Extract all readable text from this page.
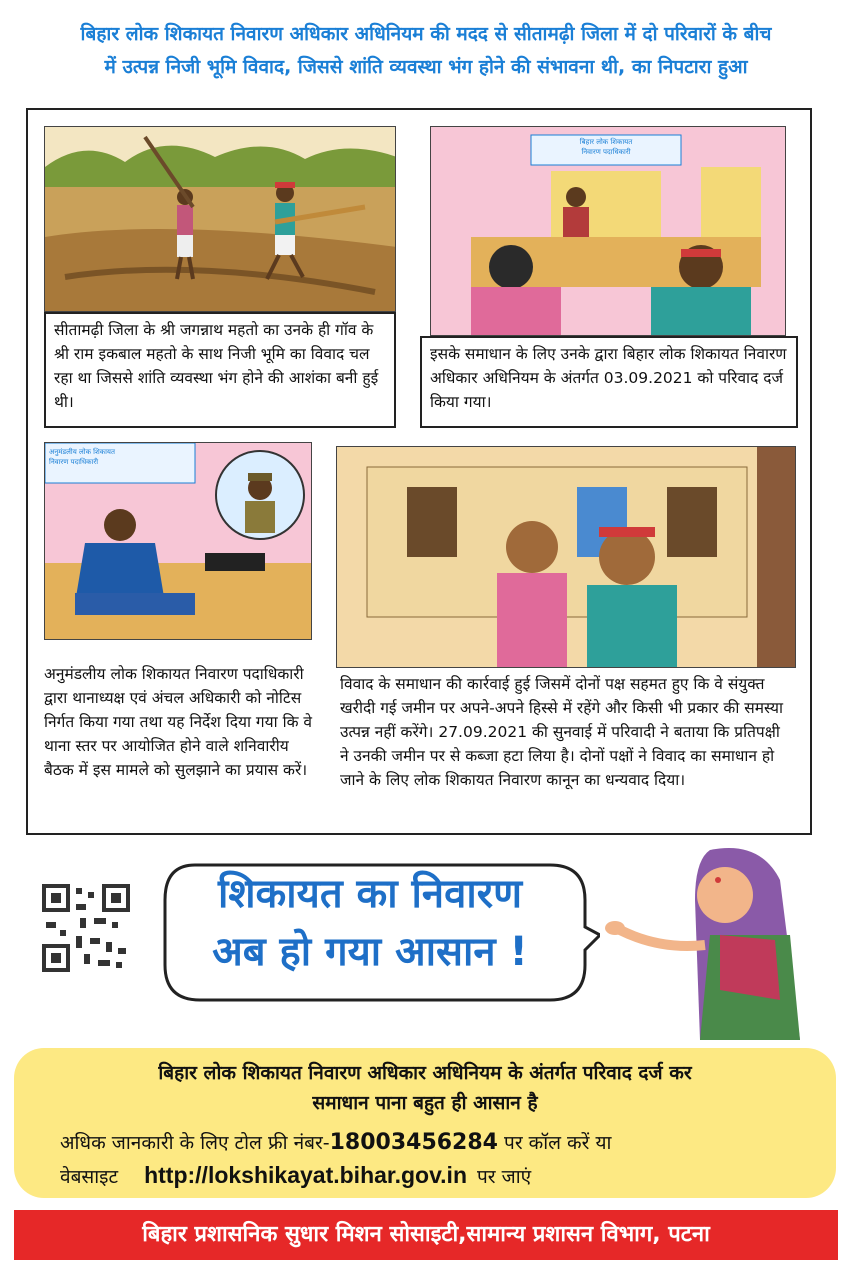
बिहार लोक शिकायत निवारण अधिकार अधिनियम की मदद से सीतामढ़ी जिला में दो परिवारों के बीच
में उत्पन्न निजी भूमि विवाद, जिससे शांति व्यवस्था भंग होने की संभावना थी, का निपटारा हुआ
सीतामढ़ी जिला के श्री जगन्नाथ महतो का उनके ही गॉव के श्री राम इकबाल महतो के साथ निजी भूमि का विवाद चल रहा था जिससे शांति व्यवस्था भंग होने की आशंका बनी हुई थी।
बिहार लोक शिकायत
निवारण पदाधिकारी
इसके समाधान के लिए उनके द्वारा बिहार लोक शिकायत निवारण अधिकार अधिनियम के अंतर्गत 03.09.2021 को परिवाद दर्ज किया गया।
अनुमंडलीय लोक शिकायत
निवारण पदाधिकारी
अनुमंडलीय लोक शिकायत निवारण पदाधिकारी द्वारा थानाध्यक्ष एवं अंचल अधिकारी को नोटिस निर्गत किया गया तथा यह निर्देश दिया गया कि वे थाना स्तर पर आयोजित होने वाले शनिवारीय बैठक में इस मामले को सुलझाने का प्रयास करें।
विवाद के समाधान की कार्रवाई हुई जिसमें दोनों पक्ष सहमत हुए कि वे संयुक्त खरीदी गई जमीन पर अपने-अपने हिस्से में रहेंगे और किसी भी प्रकार की समस्या उत्पन्न नहीं करेंगे। 27.09.2021 की सुनवाई में परिवादी ने बताया कि प्रतिपक्षी ने उनकी जमीन पर से कब्जा हटा लिया है। दोनों पक्षों ने विवाद का समाधान हो जाने के लिए लोक शिकायत निवारण कानून का धन्यवाद दिया।
शिकायत का निवारण
अब हो गया आसान !
बिहार लोक शिकायत निवारण अधिकार अधिनियम के अंतर्गत परिवाद दर्ज कर
समाधान पाना बहुत ही आसान है
अधिक जानकारी के लिए टोल फ्री नंबर-18003456284 पर कॉल करें या
वेबसाइट http://lokshikayat.bihar.gov.in पर जाएं
बिहार प्रशासनिक सुधार मिशन सोसाइटी,सामान्य प्रशासन विभाग, पटना
